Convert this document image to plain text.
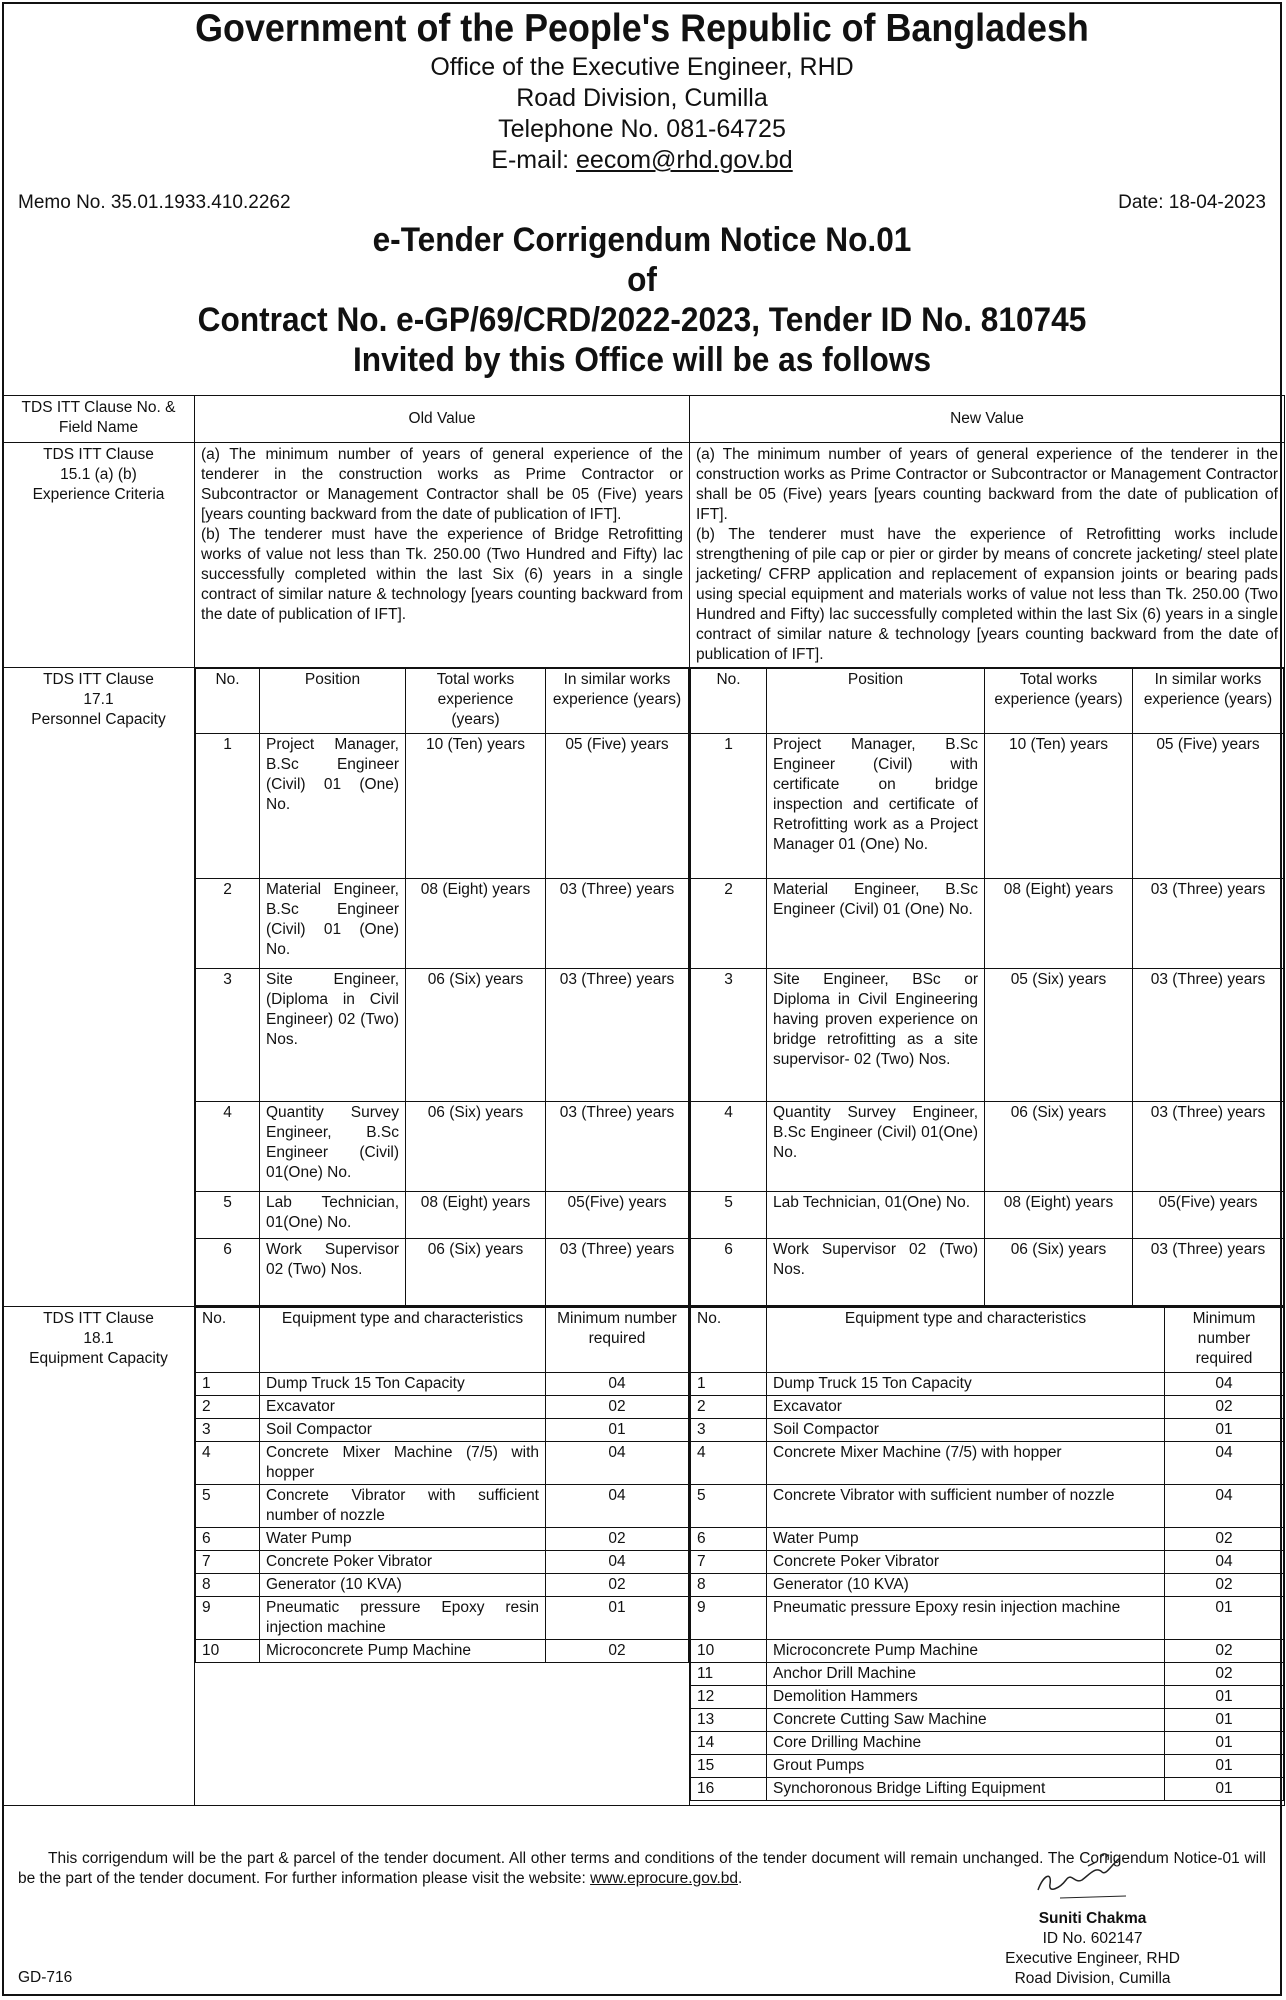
Government of the People's Republic of Bangladesh
Office of the Executive Engineer, RHD
Road Division, Cumilla
Telephone No. 081-64725
E-mail: eecom@rhd.gov.bd
Memo No. 35.01.1933.410.2262	Date: 18-04-2023
e-Tender Corrigendum Notice No.01
of
Contract No. e-GP/69/CRD/2022-2023, Tender ID No. 810745
Invited by this Office will be as follows
TDS ITT Clause No. & Field Name	Old Value	New Value

TDS ITT Clause
15.1 (a) (b)
Experience Criteria

(a) The minimum number of years of general experience of the tenderer in the construction works as Prime Contractor or Subcontractor or Management Contractor shall be 05 (Five) years [years counting backward from the date of publication of IFT].
(b) The tenderer must have the experience of Bridge Retrofitting works of value not less than Tk. 250.00 (Two Hundred and Fifty) lac successfully completed within the last Six (6) years in a single contract of similar nature & technology [years counting backward from the date of publication of IFT].

(a) The minimum number of years of general experience of the tenderer in the construction works as Prime Contractor or Subcontractor or Management Contractor shall be 05 (Five) years [years counting backward from the date of publication of IFT].
(b) The tenderer must have the experience of Retrofitting works include strengthening of pile cap or pier or girder by means of concrete jacketing/ steel plate jacketing/ CFRP application and replacement of expansion joints or bearing pads using special equipment and materials works of value not less than Tk. 250.00 (Two Hundred and Fifty) lac successfully completed within the last Six (6) years in a single contract of similar nature & technology [years counting backward from the date of publication of IFT].

TDS ITT Clause
17.1
Personnel Capacity

No.	Position	Total works experience (years)	In similar works experience (years)
1	Project Manager, B.Sc Engineer (Civil) 01 (One) No.	10 (Ten) years	05 (Five) years
2	Material Engineer, B.Sc Engineer (Civil) 01 (One) No.	08 (Eight) years	03 (Three) years
3	Site Engineer, (Diploma in Civil Engineer) 02 (Two) Nos.	06 (Six) years	03 (Three) years
4	Quantity Survey Engineer, B.Sc Engineer (Civil) 01(One) No.	06 (Six) years	03 (Three) years
5	Lab Technician, 01(One) No.	08 (Eight) years	05(Five) years
6	Work Supervisor 02 (Two) Nos.	06 (Six) years	03 (Three) years

No.	Position	Total works experience (years)	In similar works experience (years)
1	Project Manager, B.Sc Engineer (Civil) with certificate on bridge inspection and certificate of Retrofitting work as a Project Manager 01 (One) No.	10 (Ten) years	05 (Five) years
2	Material Engineer, B.Sc Engineer (Civil) 01 (One) No.	08 (Eight) years	03 (Three) years
3	Site Engineer, BSc or Diploma in Civil Engineering having proven experience on bridge retrofitting as a site supervisor- 02 (Two) Nos.	05 (Six) years	03 (Three) years
4	Quantity Survey Engineer, B.Sc Engineer (Civil) 01(One) No.	06 (Six) years	03 (Three) years
5	Lab Technician, 01(One) No.	08 (Eight) years	05(Five) years
6	Work Supervisor 02 (Two) Nos.	06 (Six) years	03 (Three) years

TDS ITT Clause
18.1
Equipment Capacity

No.	Equipment type and characteristics	Minimum number required
1	Dump Truck 15 Ton Capacity	04
2	Excavator	02
3	Soil Compactor	01
4	Concrete Mixer Machine (7/5) with hopper	04
5	Concrete Vibrator with sufficient number of nozzle	04
6	Water Pump	02
7	Concrete Poker Vibrator	04
8	Generator (10 KVA)	02
9	Pneumatic pressure Epoxy resin injection machine	01
10	Microconcrete Pump Machine	02

No.	Equipment type and characteristics	Minimum number required
1	Dump Truck 15 Ton Capacity	04
2	Excavator	02
3	Soil Compactor	01
4	Concrete Mixer Machine (7/5) with hopper	04
5	Concrete Vibrator with sufficient number of nozzle	04
6	Water Pump	02
7	Concrete Poker Vibrator	04
8	Generator (10 KVA)	02
9	Pneumatic pressure Epoxy resin injection machine	01
10	Microconcrete Pump Machine	02
11	Anchor Drill Machine	02
12	Demolition Hammers	01
13	Concrete Cutting Saw Machine	01
14	Core Drilling Machine	01
15	Grout Pumps	01
16	Synchoronous Bridge Lifting Equipment	01
This corrigendum will be the part & parcel of the tender document. All other terms and conditions of the tender document will remain unchanged. The Corrigendum Notice-01 will be the part of the tender document. For further information please visit the website: www.eprocure.gov.bd.
Suniti Chakma
ID No. 602147
Executive Engineer, RHD
Road Division, Cumilla
GD-716
